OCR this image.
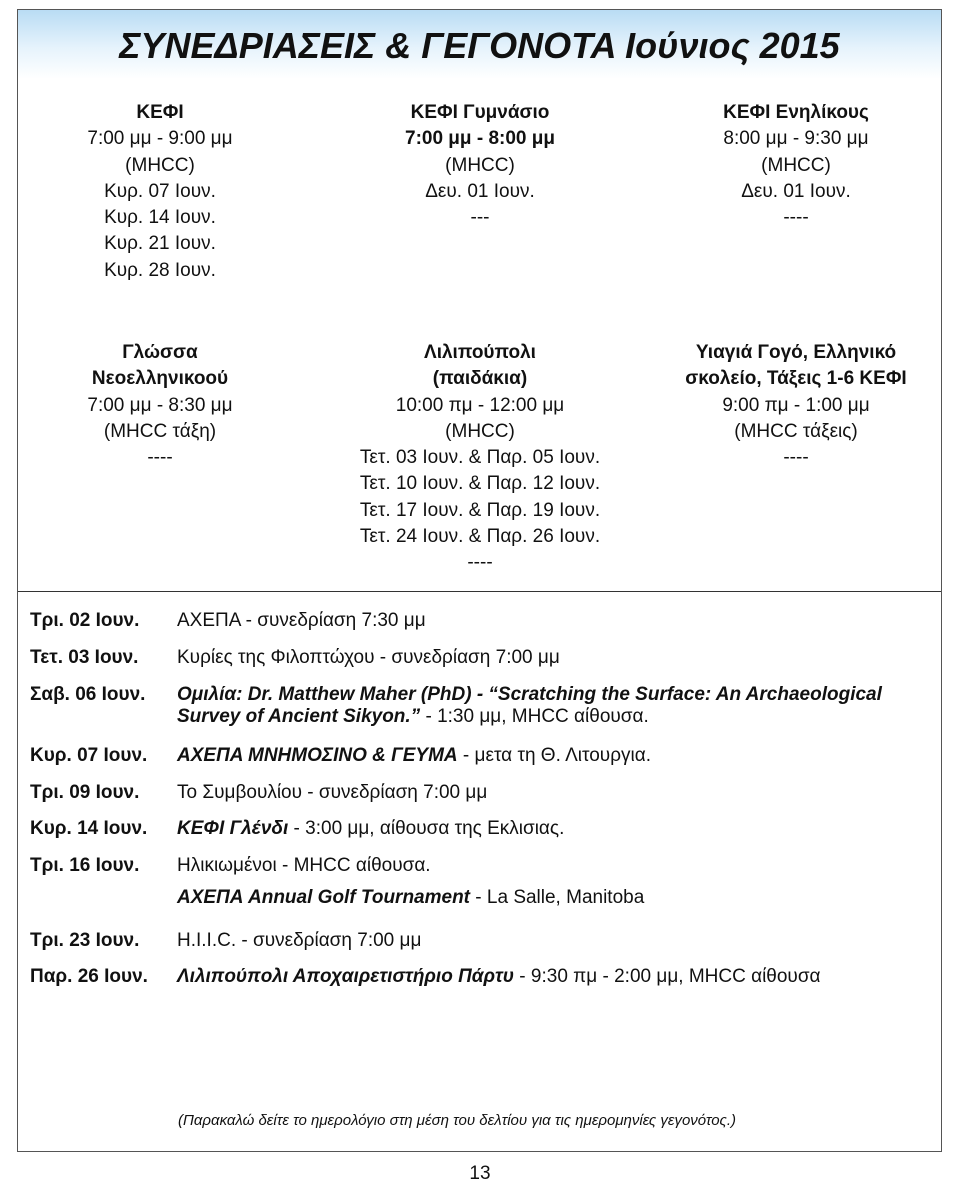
ΣΥΝΕΔΡΙΑΣΕΙΣ & ΓΕΓΟΝΟΤΑ Ιούνιος 2015
ΚΕΦΙ
7:00 μμ - 9:00 μμ
(MHCC)
Κυρ. 07 Ιουν.
Κυρ. 14 Ιουν.
Κυρ. 21 Ιουν.
Κυρ. 28 Ιουν.
ΚΕΦΙ Γυμνάσιο
7:00 μμ - 8:00 μμ
(MHCC)
Δευ. 01 Ιουν.
---
ΚΕΦΙ Ενηλίκους
8:00 μμ - 9:30 μμ
(MHCC)
Δευ. 01 Ιουν.
----
Γλώσσα
Νεοελληνικοού
7:00 μμ - 8:30 μμ
(MHCC τάξη)
----
Λιλιπούπολι
(παιδάκια)
10:00 πμ - 12:00 μμ
(MHCC)
Τετ. 03 Ιουν. & Παρ. 05 Ιουν.
Τετ. 10 Ιουν. & Παρ. 12 Ιουν.
Τετ. 17 Ιουν. & Παρ. 19 Ιουν.
Τετ. 24 Ιουν. & Παρ. 26 Ιουν.
----
Υιαγιά Γογό, Ελληνικό
σκολείο, Τάξεις 1-6 ΚΕΦΙ
9:00 πμ - 1:00 μμ
(MHCC τάξεις)
----
Τρι. 02 Ιουν. ΑΧΕΠΑ - συνεδρίαση 7:30 μμ
Τετ. 03 Ιουν. Κυρίες της Φιλοπτώχου - συνεδρίαση 7:00 μμ
Σαβ. 06 Ιουν. Ομιλία: Dr. Matthew Maher (PhD) - “Scratching the Surface: An Archaeological Survey of Ancient Sikyon.” - 1:30 μμ, MHCC αίθουσα.
Κυρ. 07 Ιουν. ΑΧΕΠΑ ΜΝΗΜΟΣΙΝΟ & ΓΕΥΜΑ - μετα τη Θ. Λιτουργια.
Τρι. 09 Ιουν. Το Συμβουλίου - συνεδρίαση 7:00 μμ
Κυρ. 14 Ιουν. ΚΕΦΙ Γλένδι - 3:00 μμ, αίθουσα της Εκλισιας.
Τρι. 16 Ιουν. Ηλικιωμένοι - MHCC αίθουσα.
ΑΧΕΠΑ Annual Golf Tournament - La Salle, Manitoba
Τρι. 23 Ιουν. H.I.I.C. - συνεδρίαση 7:00 μμ
Παρ. 26 Ιουν. Λιλιπούπολι Αποχαιρετιστήριο Πάρτυ - 9:30 πμ - 2:00 μμ, MHCC αίθουσα
(Παρακαλώ δείτε το ημερολόγιο στη μέση του δελτίου για τις ημερομηνίες γεγονότος.)
13
